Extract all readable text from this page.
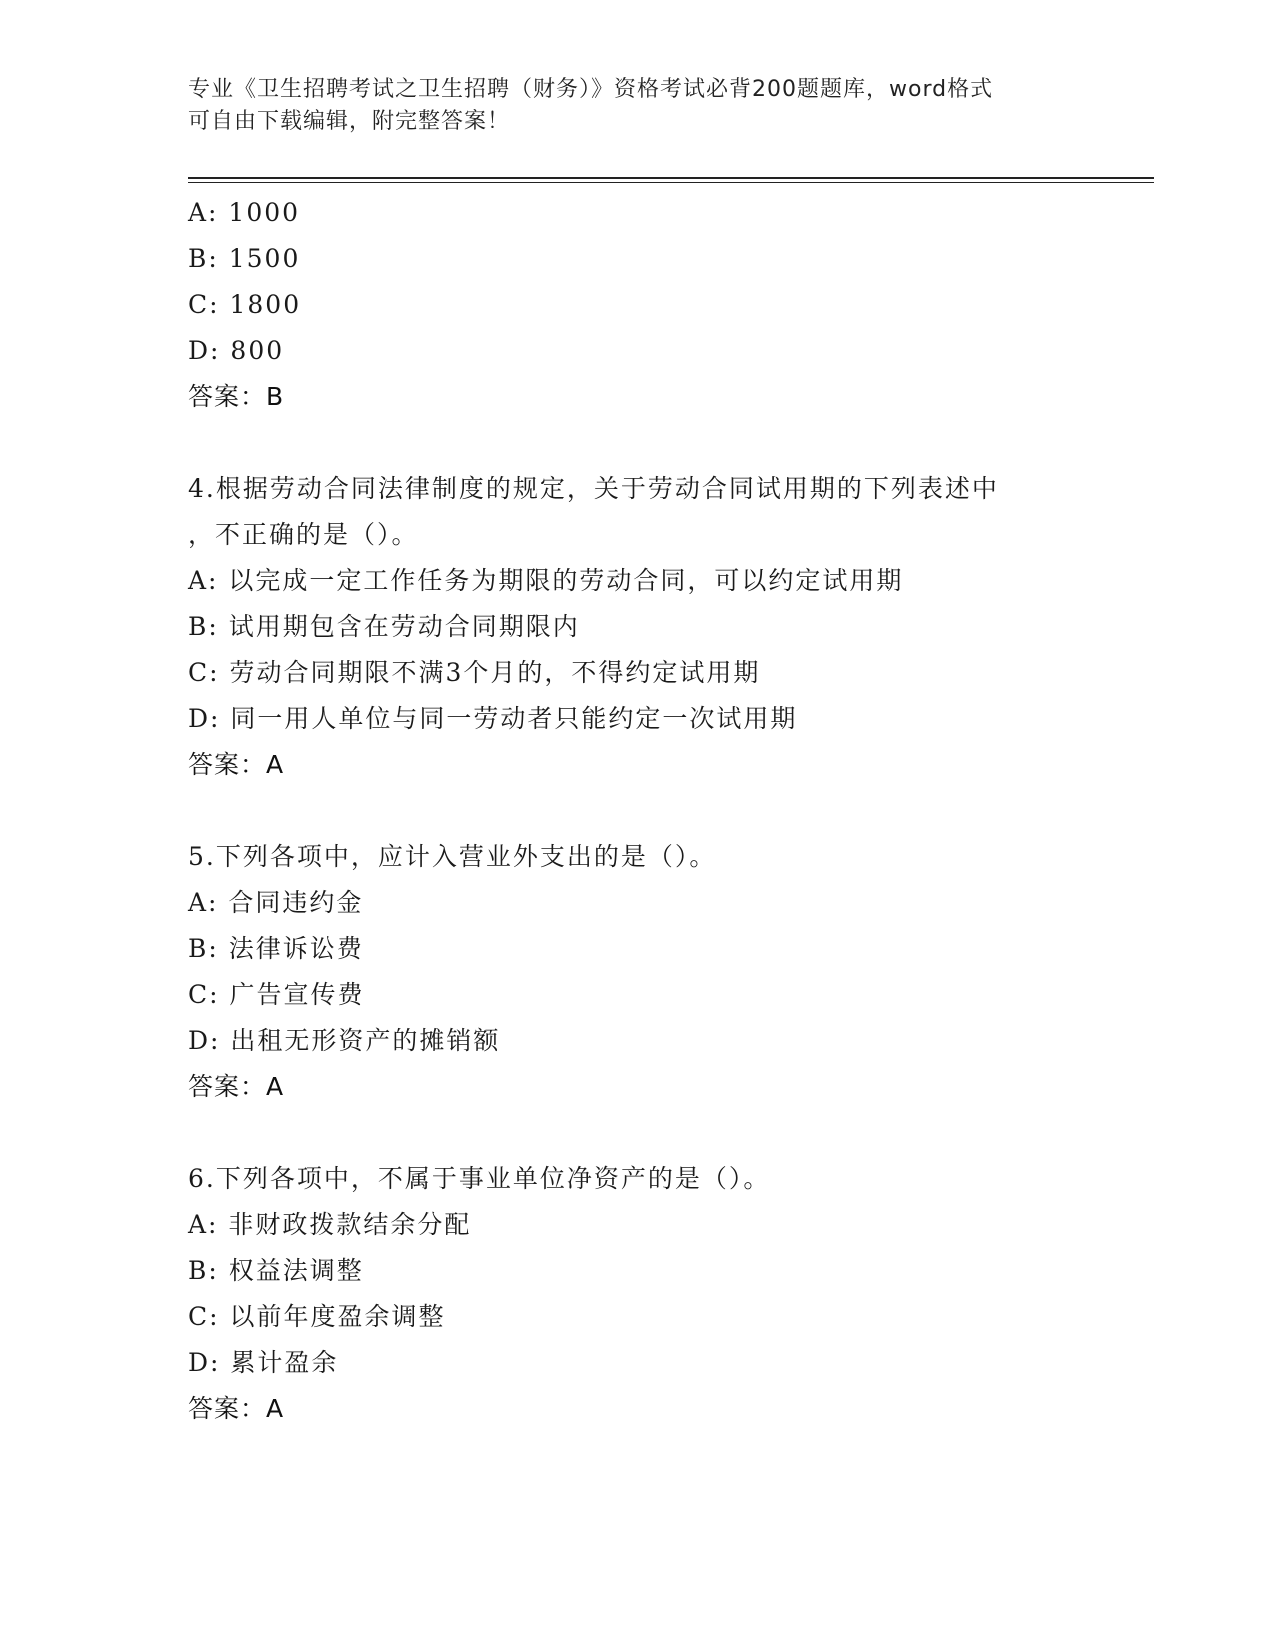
专业《卫生招聘考试之卫生招聘（财务）》资格考试必背200题题库，word格式
可自由下载编辑，附完整答案！
A: 1000
B: 1500
C: 1800
D: 800
答案：B
4.根据劳动合同法律制度的规定，关于劳动合同试用期的下列表述中
，不正确的是（）。
A: 以完成一定工作任务为期限的劳动合同，可以约定试用期
B: 试用期包含在劳动合同期限内
C: 劳动合同期限不满3个月的，不得约定试用期
D: 同一用人单位与同一劳动者只能约定一次试用期
答案：A
5.下列各项中，应计入营业外支出的是（）。
A: 合同违约金
B: 法律诉讼费
C: 广告宣传费
D: 出租无形资产的摊销额
答案：A
6.下列各项中，不属于事业单位净资产的是（）。
A: 非财政拨款结余分配
B: 权益法调整
C: 以前年度盈余调整
D: 累计盈余
答案：A
